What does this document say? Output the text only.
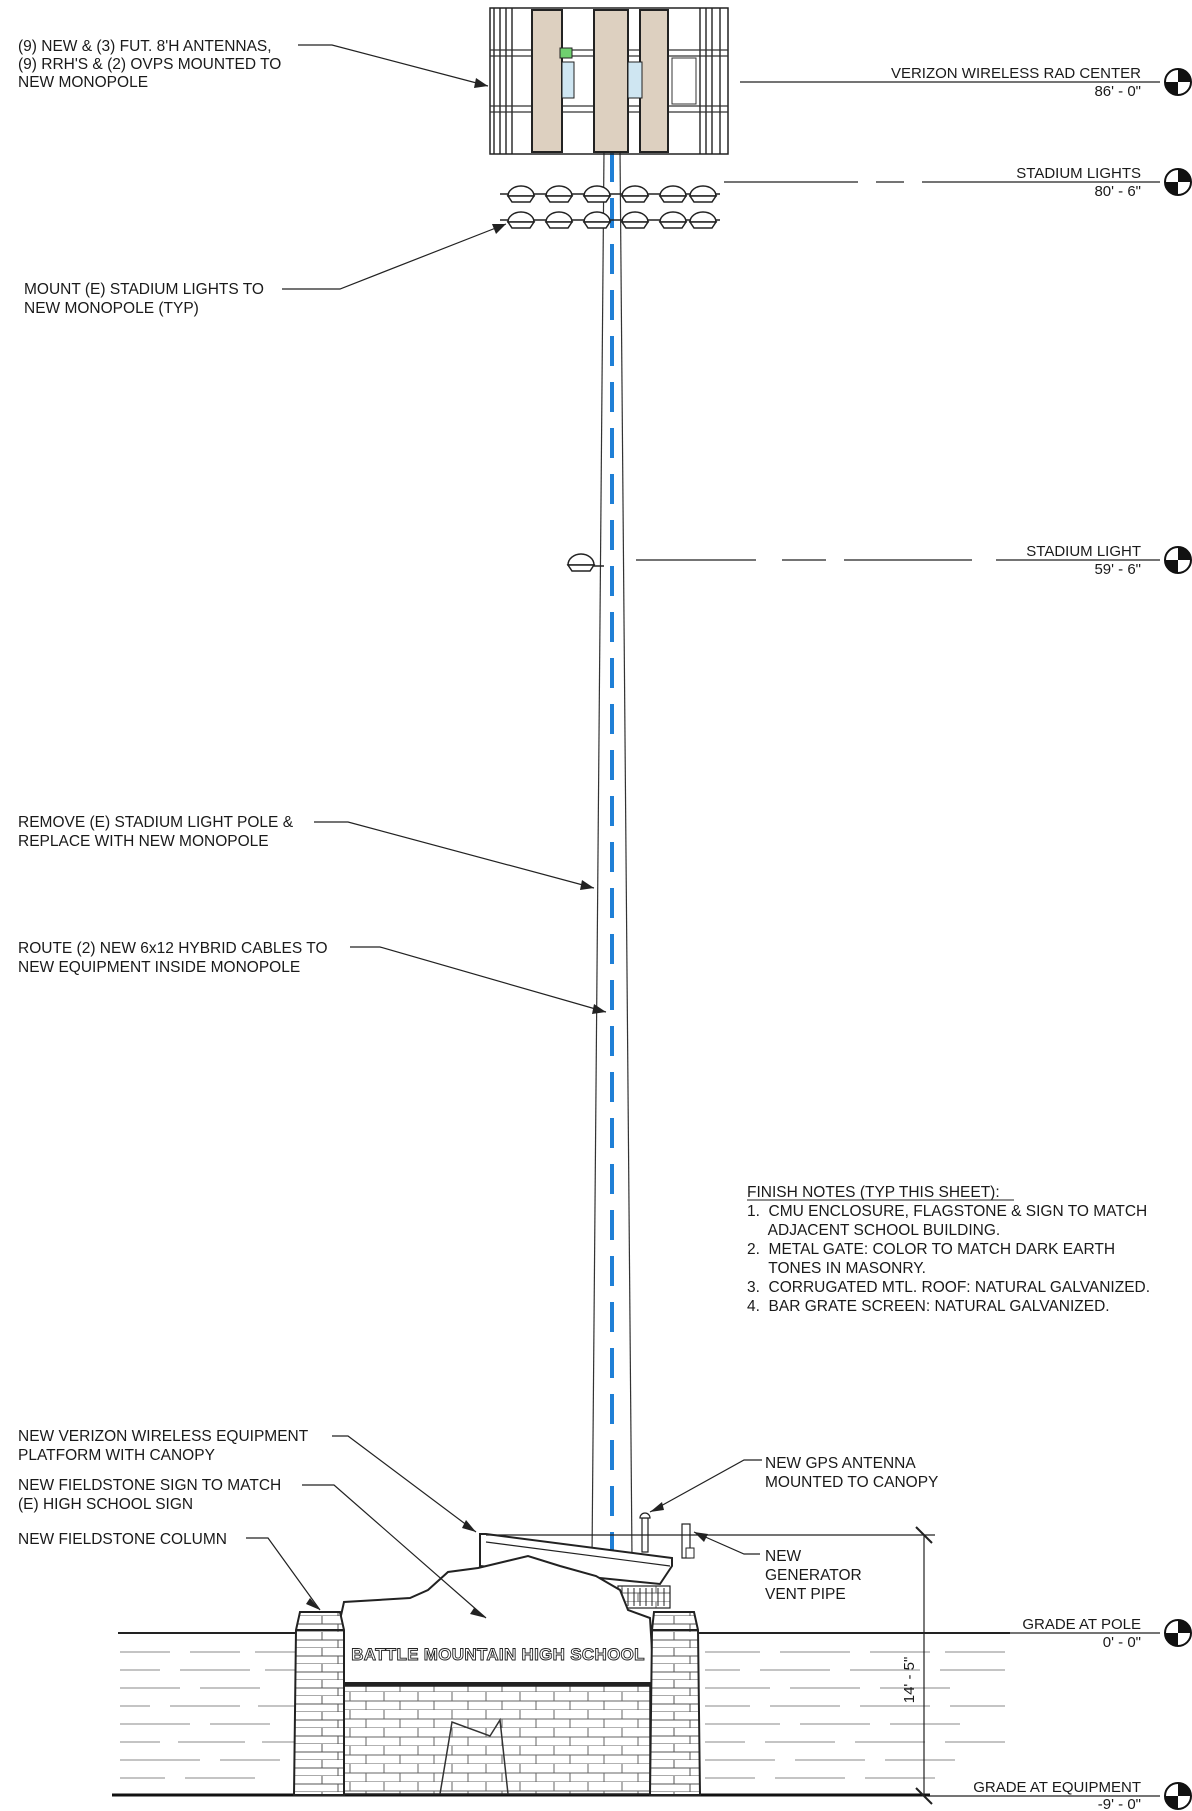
VERIZON WIRELESS RAD CENTER
86' - 0"
STADIUM LIGHTS
80' - 6"
STADIUM LIGHT
59' - 6"
GRADE AT POLE
0' - 0"
GRADE AT EQUIPMENT
-9' - 0"
BATTLE MOUNTAIN HIGH SCHOOL
14' - 5"
(9) NEW & (3) FUT. 8'H ANTENNAS,
(9) RRH'S & (2) OVPS MOUNTED TO
NEW MONOPOLE
MOUNT (E) STADIUM LIGHTS TO
NEW MONOPOLE (TYP)
REMOVE (E) STADIUM LIGHT POLE &
REPLACE WITH NEW MONOPOLE
ROUTE (2) NEW 6x12 HYBRID CABLES TO
NEW EQUIPMENT INSIDE MONOPOLE
NEW VERIZON WIRELESS EQUIPMENT
PLATFORM WITH CANOPY
NEW FIELDSTONE SIGN TO MATCH
(E) HIGH SCHOOL SIGN
NEW FIELDSTONE COLUMN
NEW GPS ANTENNA
MOUNTED TO CANOPY
NEW
GENERATOR
VENT PIPE
FINISH NOTES (TYP THIS SHEET):
1.  CMU ENCLOSURE, FLAGSTONE & SIGN TO MATCH
ADJACENT SCHOOL BUILDING.
2.  METAL GATE: COLOR TO MATCH DARK EARTH
TONES IN MASONRY.
3.  CORRUGATED MTL. ROOF: NATURAL GALVANIZED.
4.  BAR GRATE SCREEN: NATURAL GALVANIZED.
